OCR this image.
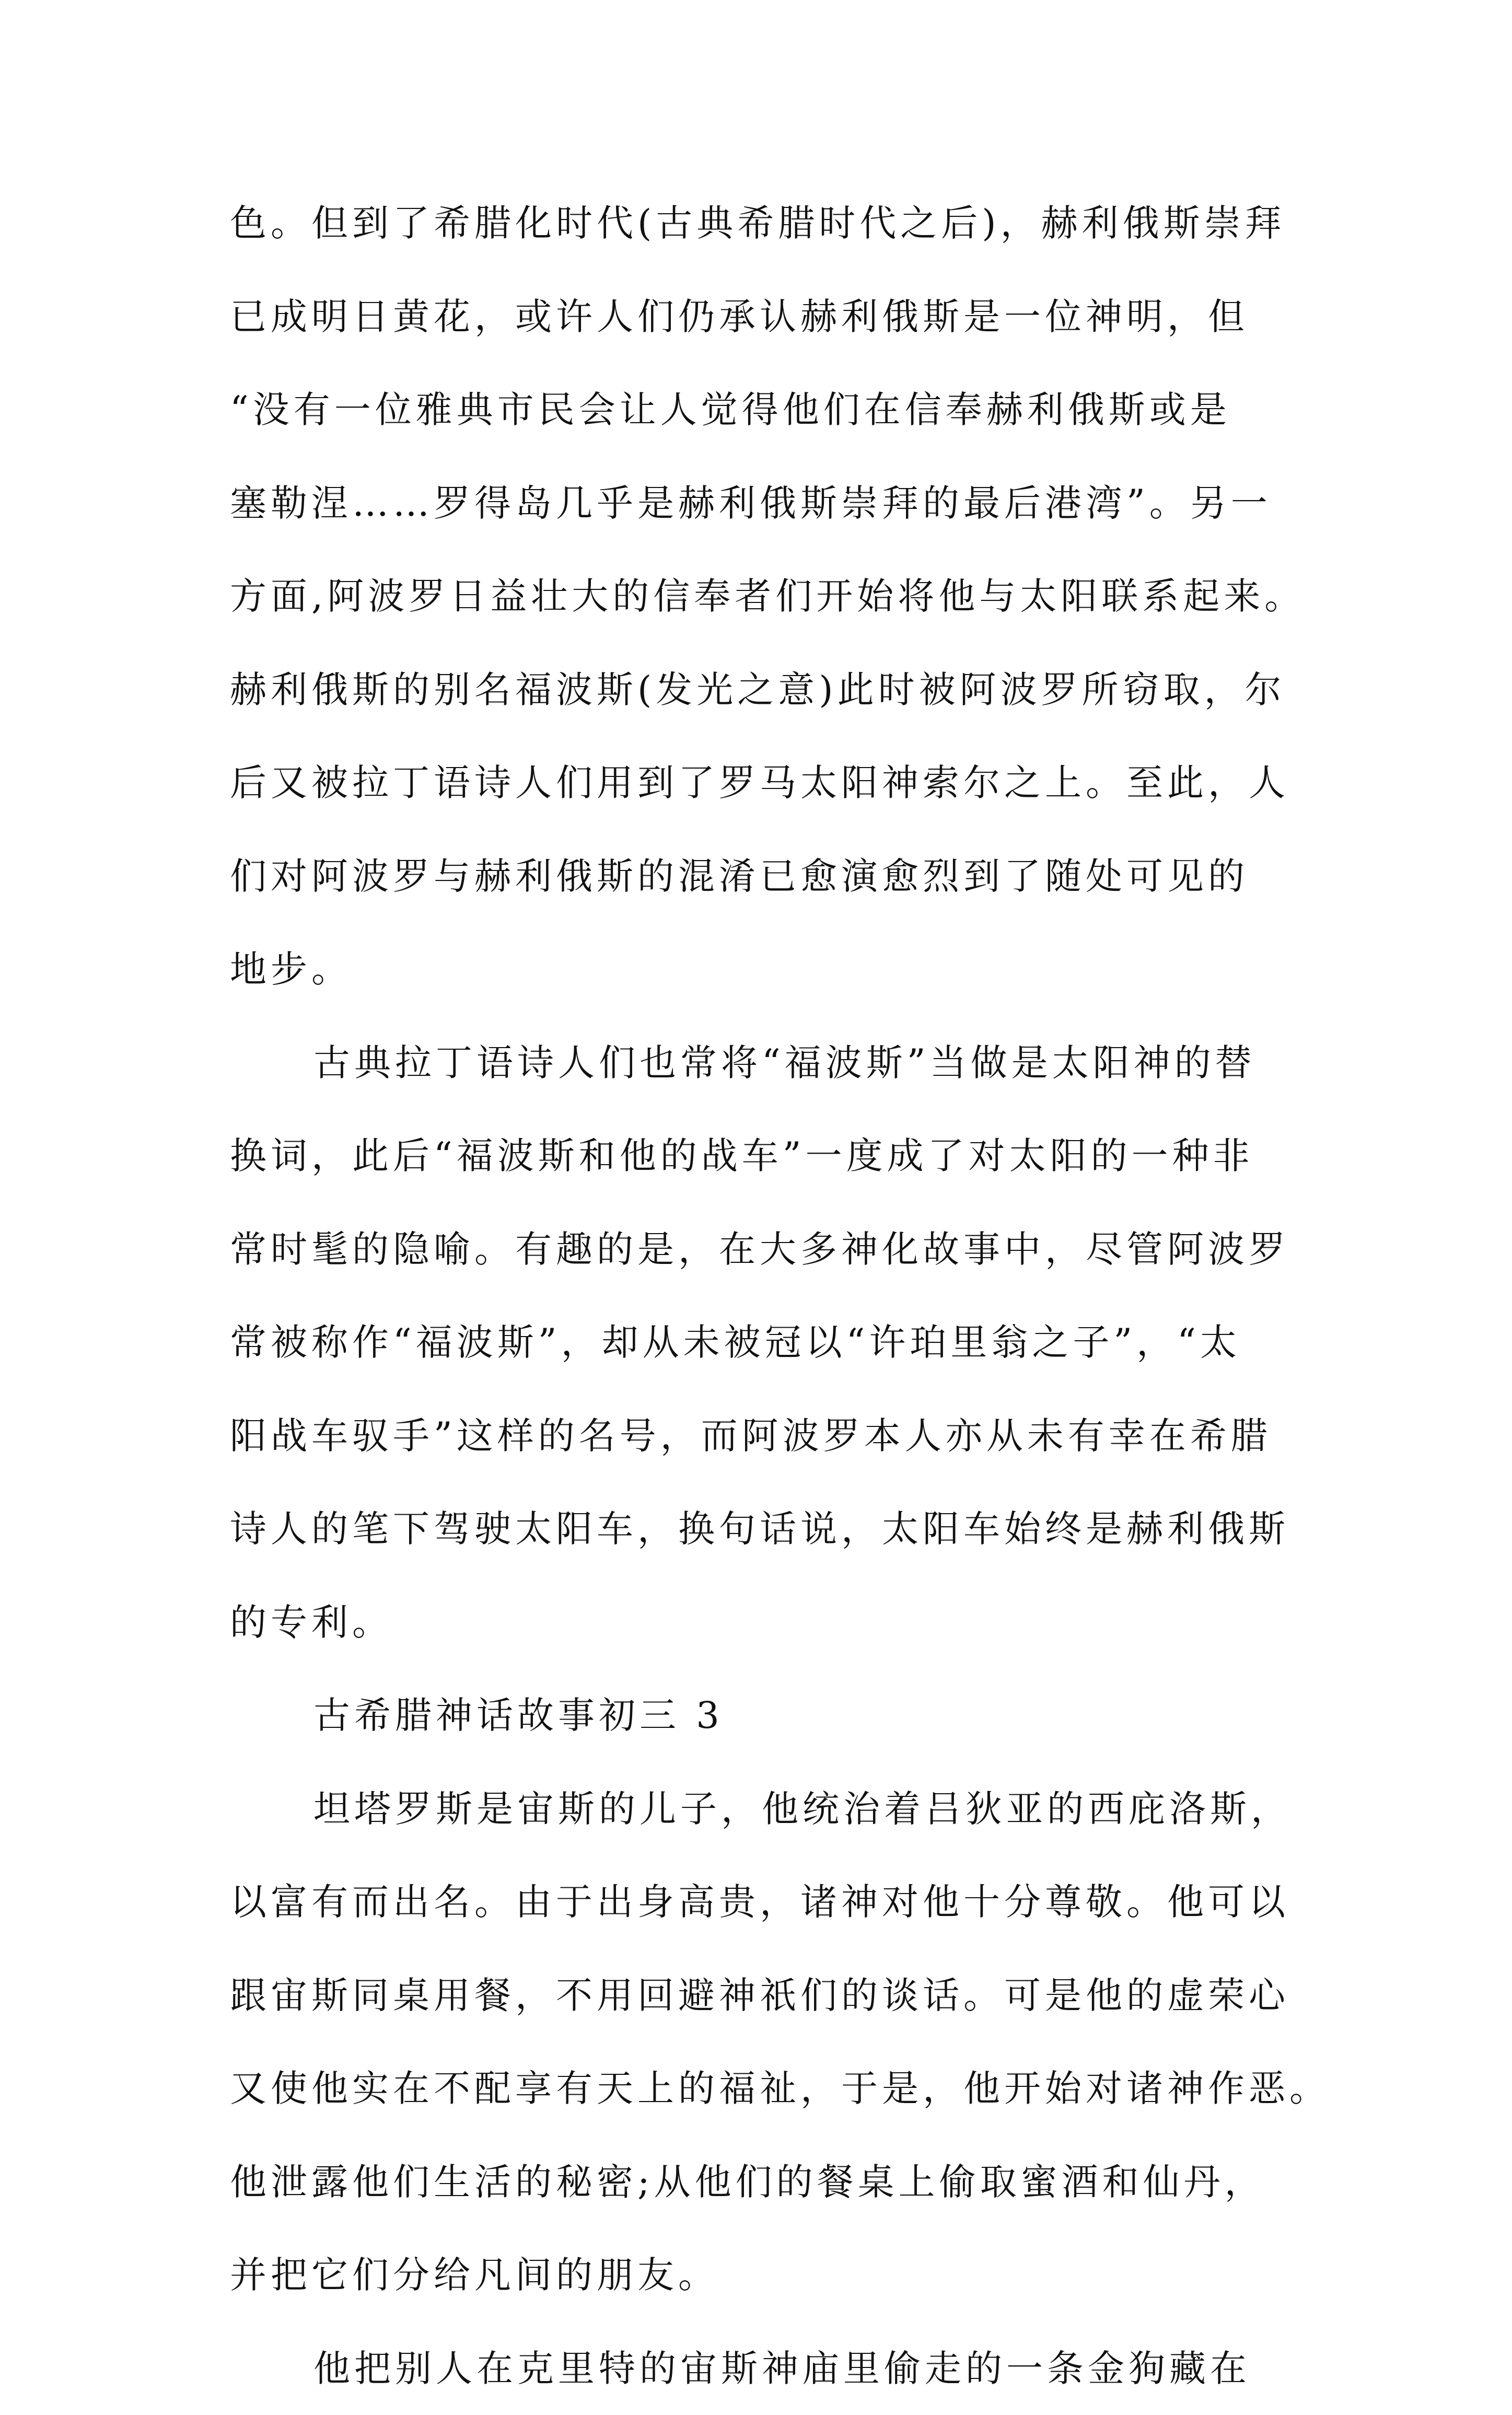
色。但到了希腊化时代(古典希腊时代之后)，赫利俄斯崇拜
已成明日黄花，或许人们仍承认赫利俄斯是一位神明，但
“没有一位雅典市民会让人觉得他们在信奉赫利俄斯或是
塞勒涅……罗得岛几乎是赫利俄斯崇拜的最后港湾”。另一
方面,阿波罗日益壮大的信奉者们开始将他与太阳联系起来。
赫利俄斯的别名福波斯(发光之意)此时被阿波罗所窃取，尔
后又被拉丁语诗人们用到了罗马太阳神索尔之上。至此，人
们对阿波罗与赫利俄斯的混淆已愈演愈烈到了随处可见的
地步。
古典拉丁语诗人们也常将“福波斯”当做是太阳神的替
换词，此后“福波斯和他的战车”一度成了对太阳的一种非
常时髦的隐喻。有趣的是，在大多神化故事中，尽管阿波罗
常被称作“福波斯”，却从未被冠以“许珀里翁之子”，“太
阳战车驭手”这样的名号，而阿波罗本人亦从未有幸在希腊
诗人的笔下驾驶太阳车，换句话说，太阳车始终是赫利俄斯
的专利。
古希腊神话故事初三 3
坦塔罗斯是宙斯的儿子，他统治着吕狄亚的西庇洛斯，
以富有而出名。由于出身高贵，诸神对他十分尊敬。他可以
跟宙斯同桌用餐，不用回避神祇们的谈话。可是他的虚荣心
又使他实在不配享有天上的福祉，于是，他开始对诸神作恶。
他泄露他们生活的秘密;从他们的餐桌上偷取蜜酒和仙丹，
并把它们分给凡间的朋友。
他把别人在克里特的宙斯神庙里偷走的一条金狗藏在
